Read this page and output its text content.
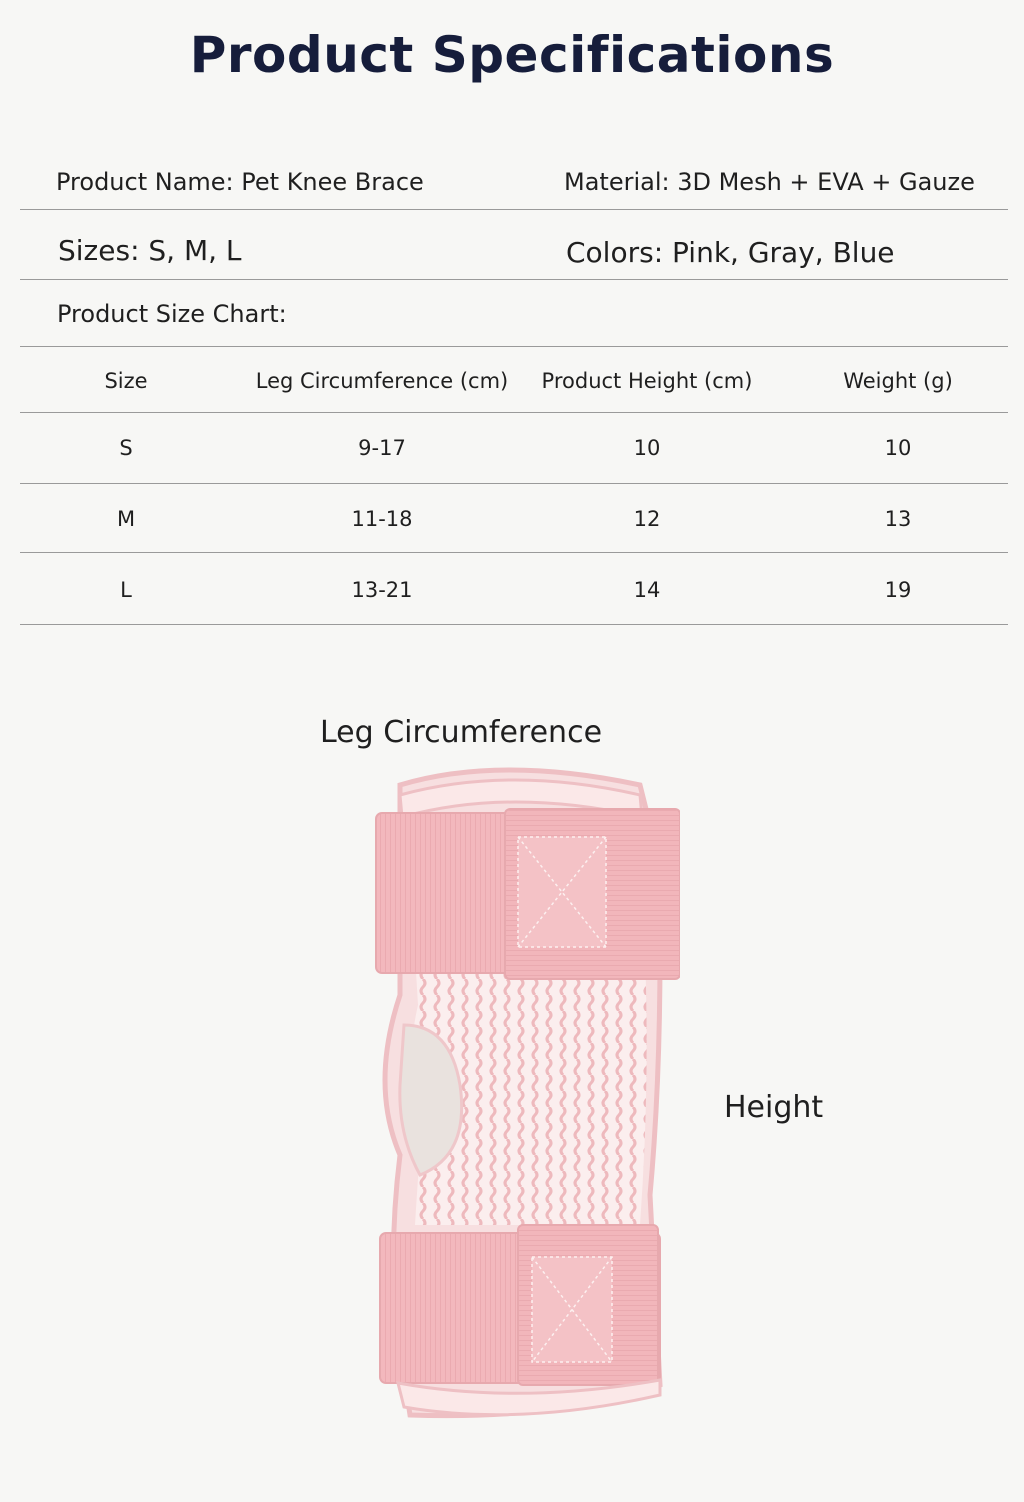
Product Specifications
Product Name: Pet Knee Brace	Material: 3D Mesh + EVA + Gauze
Sizes: S, M, L	Colors: Pink, Gray, Blue
Product Size Chart:
Size	Leg Circumference (cm)	Product Height (cm)	Weight (g)
S	9-17	10	10
M	11-18	12	13
L	13-21	14	19
Leg Circumference
Height
